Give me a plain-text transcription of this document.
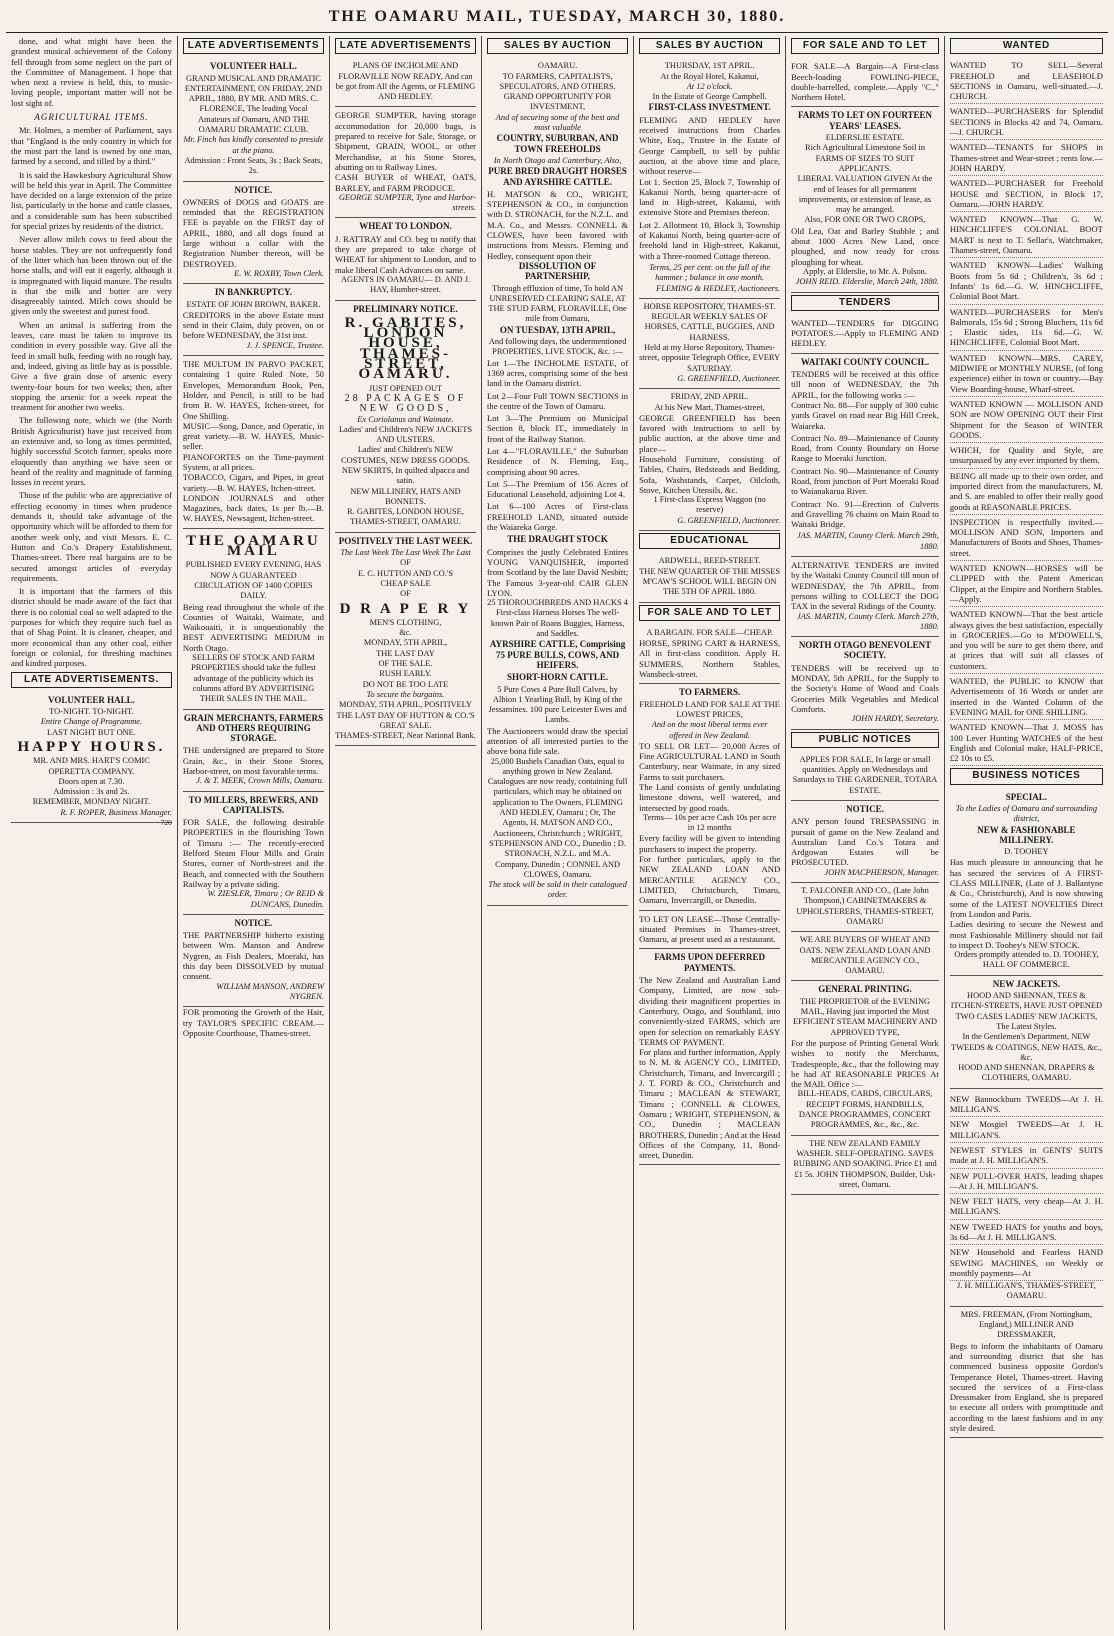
THE OAMARU MAIL, TUESDAY, MARCH 30, 1880.

done, and what might have been the grandest musical achievement of the Colony fell through from some neglect on the part of the Committee of Management. I hope that when next a review is held, this, to music-loving people, important matter will not be lost sight of.

AGRICULTURAL ITEMS.

Mr. Holmes, a member of Parliament, says that "England is the only country in which for the most part the land is owned by one man, farmed by a second, and tilled by a third."

It is said the Hawkesbury Agricultural Show will be held this year in April. The Committee have decided on a large extension of the prize list, particularly in the horse and cattle classes, and a considerable sum has been subscribed for special prizes by residents of the district.

Never allow milch cows to feed about the horse stables. They are not unfrequently fond of the litter which has been thrown out of the horse stalls, and will eat it eagerly, although it is impregnated with liquid manure. The results is that the milk and butter are very disagreeably tainted. Milch cows should be given only the sweetest and purest food.

When an animal is suffering from the leaves, care must be taken to improve its condition in every possible way. Give all the feed in small bulk, feeding with no rough hay, and, indeed, giving as little hay as is possible. Give a five grain dose of arsenic every twenty-four hours for two weeks; then, after stopping the arsenic for a week repeat the treatment for another two weeks.

The following note, which we (the North British Agriculturist) have just received from an extensive and, so long as times permitted, highly successful Scotch farmer, speaks more eloquently than anything we have seen or heard of the reality and magnitude of farming losses in recent years.

Those of the public who are appreciative of effecting economy in times when prudence demands it, should take advantage of the opportunity which will be afforded to them for another week only, and visit Messrs. E. C. Hutton and Co.'s Drapery Establishment, Thames-street. There real bargains are to be secured amongst articles of everyday requirements.

It is important that the farmers of this district should be made aware of the fact that there is no colonial coal so well adapted to the purposes for which they require such fuel as that of Shag Point. It is cleaner, cheaper, and more economical than any other coal, either foreign or colonial, for threshing machines and kindred purposes.

LATE ADVERTISEMENTS.
VOLUNTEER HALL.
TO-NIGHT. TO-NIGHT.
Entire Change of Programme.
LAST NIGHT BUT ONE.
HAPPY HOURS.
MR. AND MRS. HART'S COMIC OPERETTA COMPANY.
Doors open at 7.30.
Admission : 3s and 2s.
REMEMBER, MONDAY NIGHT.
R. F. ROPER, Business Manager.
720
LATE ADVERTISEMENTS
VOLUNTEER HALL.
GRAND MUSICAL AND DRAMATIC ENTERTAINMENT, ON FRIDAY, 2ND APRIL, 1880, BY MR. AND MRS. C. FLORENCE, The leading Vocal Amateurs of Oamaru, AND THE OAMARU DRAMATIC CLUB.
Mr. Finch has kindly consented to preside at the piano.
Admission : Front Seats, 3s ; Back Seats, 2s.
NOTICE.
OWNERS of DOGS and GOATS are reminded that the REGISTRATION FEE is payable on the FIRST day of APRIL, 1880, and all dogs found at large without a collar with the Registration Number thereon, will be DESTROYED.
E. W. ROXBY, Town Clerk.
IN BANKRUPTCY.
ESTATE OF JOHN BROWN, BAKER.
CREDITORS in the above Estate must send in their Claim, duly proven, on or before WEDNESDAY, the 31st inst.
J. J. SPENCE, Trustee.
THE MULTUM IN PARVO PACKET, containing 1 quire Ruled Note, 50 Envelopes, Memorandum Book, Pen, Holder, and Pencil, is still to be had from B. W. HAYES, Itchen-street, for One Shilling.
MUSIC—Song, Dance, and Operatic, in great variety.—B. W. HAYES, Music-seller.
PIANOFORTES on the Time-payment System, at all prices.
TOBACCO, Cigars, and Pipes, in great variety.—B. W. HAYES, Itchen-street.
LONDON JOURNALS and other Magazines, back dates, 1s per lb.—B. W. HAYES, Newsagent, Itchen-street.
THE OAMARU MAIL
PUBLISHED EVERY EVENING, HAS NOW A GUARANTEED CIRCULATION OF 1400 COPIES DAILY.
Being read throughout the whole of the Counties of Waitaki, Waimate, and Waikouaiti, it is unquestionably the BEST ADVERTISING MEDIUM in North Otago.
SELLERS OF STOCK AND FARM PROPERTIES should take the fullest advantage of the publicity which its columns afford BY ADVERTISING THEIR SALES IN THE MAIL.
GRAIN MERCHANTS, FARMERS AND OTHERS REQUIRING STORAGE.
THE undersigned are prepared to Store Grain, &c., in their Stone Stores, Harbor-street, on most favorable terms.
J. & T. MEEK, Crown Mills, Oamaru.
TO MILLERS, BREWERS, AND CAPITALISTS.
FOR SALE, the following desirable PROPERTIES in the flourishing Town of Timaru :— The recently-erected Belford Steam Flour Mills and Grain Stores, corner of North-street and the Beach, and connected with the Southern Railway by a private siding.
W. ZIESLER, Timaru ; Or REID & DUNCANS, Dunedin.
NOTICE.
THE PARTNERSHIP hitherto existing between Wm. Manson and Andrew Nygren, as Fish Dealers, Moeraki, has this day been DISSOLVED by mutual consent.
WILLIAM MANSON, ANDREW NYGREN.
FOR promoting the Growth of the Hair, try TAYLOR'S SPECIFIC CREAM.—Opposite Courthouse, Thames-street.
LATE ADVERTISEMENTS
PLANS OF INCHOLME AND FLORAVILLE NOW READY, And can be got from All the Agents, or FLEMING AND HEDLEY.
GEORGE SUMPTER, having storage accommodation for 20,000 bags, is prepared to receive for Sale, Storage, or Shipment, GRAIN, WOOL, or other Merchandise, at his Stone Stores, abutting on to Railway Lines.
CASH BUYER of WHEAT, OATS, BARLEY, and FARM PRODUCE.
GEORGE SUMPTER, Tyne and Harbor-streets.
WHEAT TO LONDON.
J. RATTRAY and CO. beg to notify that they are prepared to take charge of WHEAT for shipment to London, and to make liberal Cash Advances on same.
AGENTS IN OAMARU— D. AND J. HAY, Humber-street.
PRELIMINARY NOTICE.
R. GABITES, LONDON HOUSE, THAMES-STREET, OAMARU.
JUST OPENED OUT
28 PACKAGES OF NEW GOODS,
Ex Coriolanus and Waimate.
Ladies' and Children's NEW JACKETS AND ULSTERS.
Ladies' and Children's NEW COSTUMES, NEW DRESS GOODS.
NEW SKIRTS, In quilted alpacca and satin.
NEW MILLINERY, HATS AND BONNETS.
R. GABITES, LONDON HOUSE, THAMES-STREET, OAMARU.
POSITIVELY THE LAST WEEK.
The Last Week The Last Week The Last
OF
E. C. HUTTON AND CO.'S
CHEAP SALE
OF
D R A P E R Y
MEN'S CLOTHING,
&c.
MONDAY, 5TH APRIL,
THE LAST DAY
OF THE SALE.
RUSH EARLY.
DO NOT BE TOO LATE
To secure the bargains.
MONDAY, 5TH APRIL, POSITIVELY THE LAST DAY OF HUTTON & CO.'S GREAT SALE.
THAMES-STREET, Near National Bank.
SALES BY AUCTION
OAMARU.
TO FARMERS, CAPITALISTS, SPECULATORS, AND OTHERS.
GRAND OPPORTUNITY FOR INVESTMENT,
And of securing some of the best and most valuable
COUNTRY, SUBURBAN, AND TOWN FREEHOLDS
In North Otago and Canterbury, Also,
PURE BRED DRAUGHT HORSES AND AYRSHIRE CATTLE.
H. MATSON & CO., WRIGHT, STEPHENSON & CO., in conjunction with D. STRONACH, for the N.Z.L. and M.A. Co., and Messrs. CONNELL & CLOWES, have been favored with instructions from Messrs. Fleming and Hedley, consequent upon their
DISSOLUTION OF PARTNERSHIP,
Through effluxion of time, To hold AN UNRESERVED CLEARING SALE, AT THE STUD FARM, FLORAVILLE, One mile from Oamaru,
ON TUESDAY, 13TH APRIL,
And following days, the undermentioned PROPERTIES, LIVE STOCK, &c. :—
Lot 1—The INCHOLME ESTATE, of 1369 acres, comprising some of the best land in the Oamaru district.
Lot 2—Four Full TOWN SECTIONS in the centre of the Town of Oamaru.
Lot 3—The Premium on Municipal Section 8, block IT., immediately in front of the Railway Station.
Lot 4—"FLORAVILLE," the Suburban Residence of N. Fleming, Esq., comprising about 90 acres.
Lot 5—The Premium of 156 Acres of Educational Leasehold, adjoining Lot 4.
Lot 6—100 Acres of First-class FREEHOLD LAND, situated outside the Waiareka Gorge.
THE DRAUGHT STOCK
Comprises the justly Celebrated Entires YOUNG VANQUISHER, imported from Scotland by the late David Nesbitt; The Famous 3-year-old CAIR GLEN LYON.
25 THOROUGHBREDS AND HACKS 4 First-class Harness Horses The well-known Pair of Roans Buggies, Harness, and Saddles.
AYRSHIRE CATTLE, Comprising 75 PURE BULLS, COWS, AND HEIFERS.
SHORT-HORN CATTLE.
5 Pure Cows 4 Pure Bull Calves, by Albion 1 Yearling Bull, by King of the Jessamines. 100 pure Leicester Ewes and Lambs.
The Auctioneers would draw the special attention of all interested parties to the above bona fide sale.
25,000 Bushels Canadian Oats, equal to anything grown in New Zealand.
Catalogues are now ready, containing full particulars, which may be obtained on application to The Owners, FLEMING AND HEDLEY, Oamaru ; Or, The Agents, H. MATSON AND CO., Auctioneers, Christchurch ; WRIGHT, STEPHENSON AND CO., Dunedin ; D. STRONACH, N.Z.L. and M.A. Company, Dunedin ; CONNEL AND CLOWES, Oamaru.
The stock will be sold in their catalogued order.
SALES BY AUCTION
THURSDAY, 1ST APRIL.
At the Royal Hotel, Kakanui,
At 12 o'clock.
In the Estate of George Campbell.
FIRST-CLASS INVESTMENT.
FLEMING AND HEDLEY have received instructions from Charles White, Esq., Trustee in the Estate of George Campbell, to sell by public auction, at the above time and place, without reserve—
Lot 1. Section 25, Block 7, Township of Kakanui North, being quarter-acre of land in High-street, Kakanui, with extensive Store and Premises thereon.
Lot 2. Allotment 10, Block 3, Township of Kakanui North, being quarter-acre of freehold land in High-street, Kakanui, with a Three-roomed Cottage thereon.
Terms, 25 per cent. on the fall of the hammer ; balance in one month.
FLEMING & HEDLEY, Auctioneers.
HORSE REPOSITORY, THAMES-ST. REGULAR WEEKLY SALES OF HORSES, CATTLE, BUGGIES, AND HARNESS.
Held at my Horse Repository, Thames-street, opposite Telegraph Office, EVERY SATURDAY.
G. GREENFIELD, Auctioneer.
FRIDAY, 2ND APRIL.
At his New Mart, Thames-street,
GEORGE GREENFIELD has been favored with instructions to sell by public auction, at the above time and place—
Household Furniture, consisting of Tables, Chairs, Bedsteads and Bedding, Sofa, Washstands, Carpet, Oilcloth, Stove, Kitchen Utensils, &c.
1 First-class Express Waggon (no reserve)
G. GREENFIELD, Auctioneer.
EDUCATIONAL
ARDWELL, REED-STREET.
THE NEW QUARTER OF THE MISSES M'CAW'S SCHOOL WILL BEGIN ON THE 5TH OF APRIL 1880.
FOR SALE AND TO LET
A BARGAIN. FOR SALE—CHEAP.
HORSE, SPRING CART & HARNESS, All in first-class condition. Apply H. SUMMERS, Northern Stables, Wansbeck-street.
TO FARMERS.
FREEHOLD LAND FOR SALE AT THE LOWEST PRICES,
And on the most liberal terms ever offered in New Zealand.
TO SELL OR LET— 20,000 Acres of Fine AGRICULTURAL LAND in South Canterbury, near Waimate, in any sized Farms to suit purchasers.
The Land consists of gently undulating limestone downs, well watered, and intersected by good roads.
Terms— 10s per acre Cash 10s per acre in 12 months
Every facility will be given to intending purchasers to inspect the property.
For further particulars, apply to the NEW ZEALAND LOAN AND MERCANTILE AGENCY CO., LIMITED, Christchurch, Timaru, Oamaru, Invercargill, or Dunedin.
TO LET ON LEASE—Those Centrally-situated Premises in Thames-street, Oamaru, at present used as a restaurant.
FARMS UPON DEFERRED PAYMENTS.
The New Zealand and Australian Land Company, Limited, are now sub-dividing their magnificent properties in Canterbury, Otago, and Southland, into conveniently-sized FARMS, which are open for selection on remarkably EASY TERMS OF PAYMENT.
For plans and further information, Apply to N. M. & AGENCY CO., LIMITED, Christchurch, Timaru, and Invercargill ; J. T. FORD & CO., Christchurch and Timaru ; MACLEAN & STEWART, Timaru ; CONNELL & CLOWES, Oamaru ; WRIGHT, STEPHENSON, & CO., Dunedin ; MACLEAN BROTHERS, Dunedin ; And at the Head Offices of the Company, 11, Bond-street, Dunedin.
FOR SALE AND TO LET
FOR SALE—A Bargain—A First-class Beech-loading FOWLING-PIECE, double-barrelled, complete.—Apply "C.," Northern Hotel.
FARMS TO LET ON FOURTEEN YEARS' LEASES.
ELDERSLIE ESTATE.
Rich Agricultural Limestone Soil in FARMS OF SIZES TO SUIT APPLICANTS.
LIBERAL VALUATION GIVEN At the end of leases for all permanent improvements, or extension of lease, as may be arranged.
Also, FOR ONE OR TWO CROPS,
Old Lea, Oat and Barley Stubble ; and about 1000 Acres New Land, once ploughed, and now ready for cross ploughing for wheat.
Apply, at Elderslie, to Mr. A. Polson.
JOHN REID. Elderslie, March 24th, 1880.
TENDERS
WANTED—TENDERS for DIGGING POTATOES.—Apply to FLEMING AND HEDLEY.
WAITAKI COUNTY COUNCIL.
TENDERS will be received at this office till noon of WEDNESDAY, the 7th APRIL, for the following works :—
Contract No. 88—For supply of 300 cubic yards Gravel on road near Big Hill Creek, Waiareka.
Contract No. 89—Maintenance of County Road, from County Boundary on Horse Range to Moeraki Junction.
Contract No. 90—Maintenance of County Road, from junction of Port Moeraki Road to Waianakarua River.
Contract No. 91—Erection of Culverts and Gravelling 76 chains on Main Road to Waitaki Bridge.
JAS. MARTIN, County Clerk. March 29th, 1880.
ALTERNATIVE TENDERS are invited by the Waitaki County Council till noon of WEDNESDAY, the 7th APRIL, from persons willing to COLLECT the DOG TAX in the several Ridings of the County.
JAS. MARTIN, County Clerk. March 27th, 1880.
NORTH OTAGO BENEVOLENT SOCIETY.
TENDERS will be received up to MONDAY, 5th APRIL, for the Supply to the Society's Home of Wood and Coals Groceries Milk Vegetables and Medical Comforts.
JOHN HARDY, Secretary.
PUBLIC NOTICES
APPLES FOR SALE, In large or small quantities. Apply on Wednesdays and Saturdays to THE GARDENER, TOTARA ESTATE.
NOTICE.
ANY person found TRESPASSING in pursuit of game on the New Zealand and Australian Land Co.'s Totara and Ardgowan Estates will be PROSECUTED.
JOHN MACPHERSON, Manager.
T. FALCONER AND CO., (Late John Thompson,) CABINETMAKERS & UPHOLSTERERS, THAMES-STREET, OAMARU
WE ARE BUYERS OF WHEAT AND OATS. NEW ZEALAND LOAN AND MERCANTILE AGENCY CO., OAMARU.
GENERAL PRINTING.
THE PROPRIETOR of the EVENING MAIL, Having just imported the Most EFFICIENT STEAM MACHINERY AND APPROVED TYPE,
For the purpose of Printing General Work wishes to notify the Merchants, Tradespeople, &c., that the following may be had AT REASONABLE PRICES At the MAIL Office :—
BILL-HEADS, CARDS, CIRCULARS, RECEIPT FORMS, HANDBILLS, DANCE PROGRAMMES, CONCERT PROGRAMMES, &c., &c., &c.
THE NEW ZEALAND FAMILY WASHER. SELF-OPERATING. SAVES RUBBING AND SOAKING. Price £1 and £1 5s. JOHN THOMPSON, Builder, Usk-street, Oamaru.
WANTED
WANTED TO SELL—Several FREEHOLD and LEASEHOLD SECTIONS in Oamaru, well-situated.—J. CHURCH.
WANTED—PURCHASERS for Splendid SECTIONS in Blocks 42 and 74, Oamaru.—J. CHURCH.
WANTED—TENANTS for SHOPS in Thames-street and Wear-street ; rents low.—JOHN HARDY.
WANTED—PURCHASER for Freehold HOUSE and SECTION, in Block 17, Oamaru.—JOHN HARDY.
WANTED KNOWN—That G. W. HINCHCLIFFE'S COLONIAL BOOT MART is next to T. Sellar's, Watchmaker, Thames-street, Oamaru.
WANTED KNOWN—Ladies' Walking Boots from 5s 6d ; Children's, 3s 6d ; Infants' 1s 6d.—G. W. HINCHCLIFFE, Colonial Boot Mart.
WANTED—PURCHASERS for Men's Balmorals, 15s 6d ; Strong Bluchers, 11s 6d ; Elastic sides, 11s 6d.—G. W. HINCHCLIFFE, Colonial Boot Mart.
WANTED KNOWN—MRS. CAREY, MIDWIFE or MONTHLY NURSE, (of long experience) either in town or country.—Bay View Boarding-house, Wharf-street.
WANTED KNOWN — MOLLISON AND SON are NOW OPENING OUT their First Shipment for the Season of WINTER GOODS.
WHICH, for Quality and Style, are unsurpassed by any ever imported by them.
BEING all made up to their own order, and imported direct from the manufacturers, M. and S. are enabled to offer their really good goods at REASONABLE PRICES.
INSPECTION is respectfully invited.—MOLLISON AND SON, Importers and Manufacturers of Boots and Shoes, Thames-street.
WANTED KNOWN—HORSES will be CLIPPED with the Patent American Clipper, at the Empire and Northern Stables.—Apply.
WANTED KNOWN—That the best article always gives the best satisfaction, especially in GROCERIES.—Go to M'DOWELL'S, and you will be sure to get them there, and at prices that will suit all classes of customers.
WANTED, the PUBLIC to KNOW that Advertisements of 16 Words or under are inserted in the Wanted Column of the EVENING MAIL for ONE SHILLING.
WANTED KNOWN—That J. MOSS has 100 Lever Hunting WATCHES of the best English and Colonial make, HALF-PRICE, £2 10s to £5.
BUSINESS NOTICES
SPECIAL.
To the Ladies of Oamaru and surrounding district,
NEW & FASHIONABLE MILLINERY.
D. TOOHEY
Has much pleasure in announcing that he has secured the services of A FIRST-CLASS MILLINER, (Late of J. Ballantyne & Co., Christchurch), And is now showing some of the LATEST NOVELTIES Direct from London and Paris.
Ladies desiring to secure the Newest and most Fashionable Millinery should not fail to inspect D. Toohey's NEW STOCK.
Orders promptly attended to. D. TOOHEY, HALL OF COMMERCE.
NEW JACKETS.
HOOD AND SHENNAN, TEES & ITCHEN-STREETS, HAVE JUST OPENED TWO CASES LADIES' NEW JACKETS, The Latest Styles.
In the Gentlemen's Department, NEW TWEEDS & COATINGS, NEW HATS, &c., &c.
HOOD AND SHENNAN, DRAPERS & CLOTHIERS, OAMARU.
NEW Bannockburn TWEEDS—At J. H. MILLIGAN'S.
NEW Mosgiel TWEEDS—At J. H. MILLIGAN'S.
NEWEST STYLES in GENTS' SUITS made at J. H. MILLIGAN'S.
NEW PULL-OVER HATS, leading shapes—At J. H. MILLIGAN'S.
NEW FELT HATS, very cheap—At J. H. MILLIGAN'S.
NEW TWEED HATS for youths and boys, 3s 6d—At J. H. MILLIGAN'S.
NEW Household and Fearless HAND SEWING MACHINES, on Weekly or monthly payments—At
J. H. MILLIGAN'S, THAMES-STREET, OAMARU.
MRS. FREEMAN, (From Nottingham, England,) MILLINER AND DRESSMAKER,
Begs to inform the inhabitants of Oamaru and surrounding district that she has commenced business opposite Gordon's Temperance Hotel, Thames-street. Having secured the services of a First-class Dressmaker from England, she is prepared to execute all orders with promptitude and according to the latest fashions and in any style desired.
